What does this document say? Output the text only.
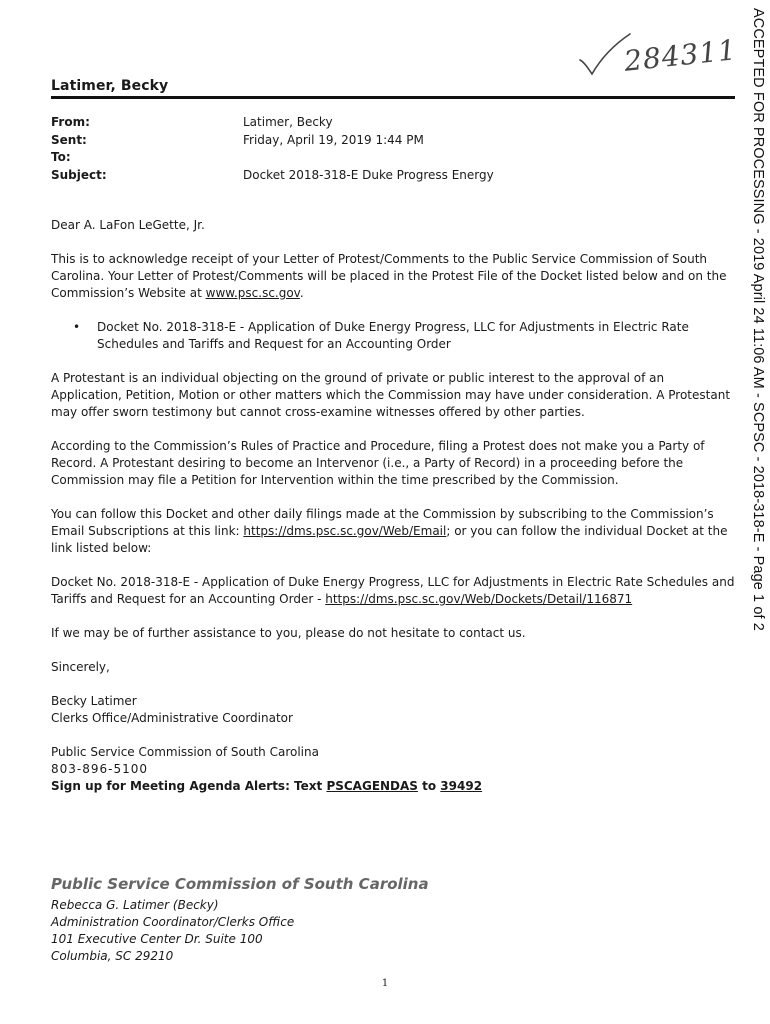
Latimer, Becky
284311 ACCEPTED FOR PROCESSING - 2019 April 24 11:06 AM - SCPSC - 2018-318-E - Page 1 of 2
From:	Latimer, Becky
Sent:	Friday, April 19, 2019 1:44 PM
To:
Subject:	Docket 2018-318-E Duke Progress Energy

Dear A. LaFon LeGette, Jr.

This is to acknowledge receipt of your Letter of Protest/Comments to the Public Service Commission of South Carolina. Your Letter of Protest/Comments will be placed in the Protest File of the Docket listed below and on the Commission’s Website at www.psc.sc.gov.

•	Docket No. 2018-318-E - Application of Duke Energy Progress, LLC for Adjustments in Electric Rate Schedules and Tariffs and Request for an Accounting Order

A Protestant is an individual objecting on the ground of private or public interest to the approval of an Application, Petition, Motion or other matters which the Commission may have under consideration. A Protestant may offer sworn testimony but cannot cross-examine witnesses offered by other parties.

According to the Commission’s Rules of Practice and Procedure, filing a Protest does not make you a Party of Record. A Protestant desiring to become an Intervenor (i.e., a Party of Record) in a proceeding before the Commission may file a Petition for Intervention within the time prescribed by the Commission.

You can follow this Docket and other daily filings made at the Commission by subscribing to the Commission’s Email Subscriptions at this link: https://dms.psc.sc.gov/Web/Email; or you can follow the individual Docket at the link listed below:

Docket No. 2018-318-E - Application of Duke Energy Progress, LLC for Adjustments in Electric Rate Schedules and Tariffs and Request for an Accounting Order - https://dms.psc.sc.gov/Web/Dockets/Detail/116871

If we may be of further assistance to you, please do not hesitate to contact us.

Sincerely,

Becky Latimer

Clerks Office/Administrative Coordinator

Public Service Commission of South Carolina

803-896-5100

Sign up for Meeting Agenda Alerts: Text PSCAGENDAS to 39492

Public Service Commission of South Carolina
Rebecca G. Latimer (Becky)
Administration Coordinator/Clerks Office
101 Executive Center Dr. Suite 100
Columbia, SC 29210
1
